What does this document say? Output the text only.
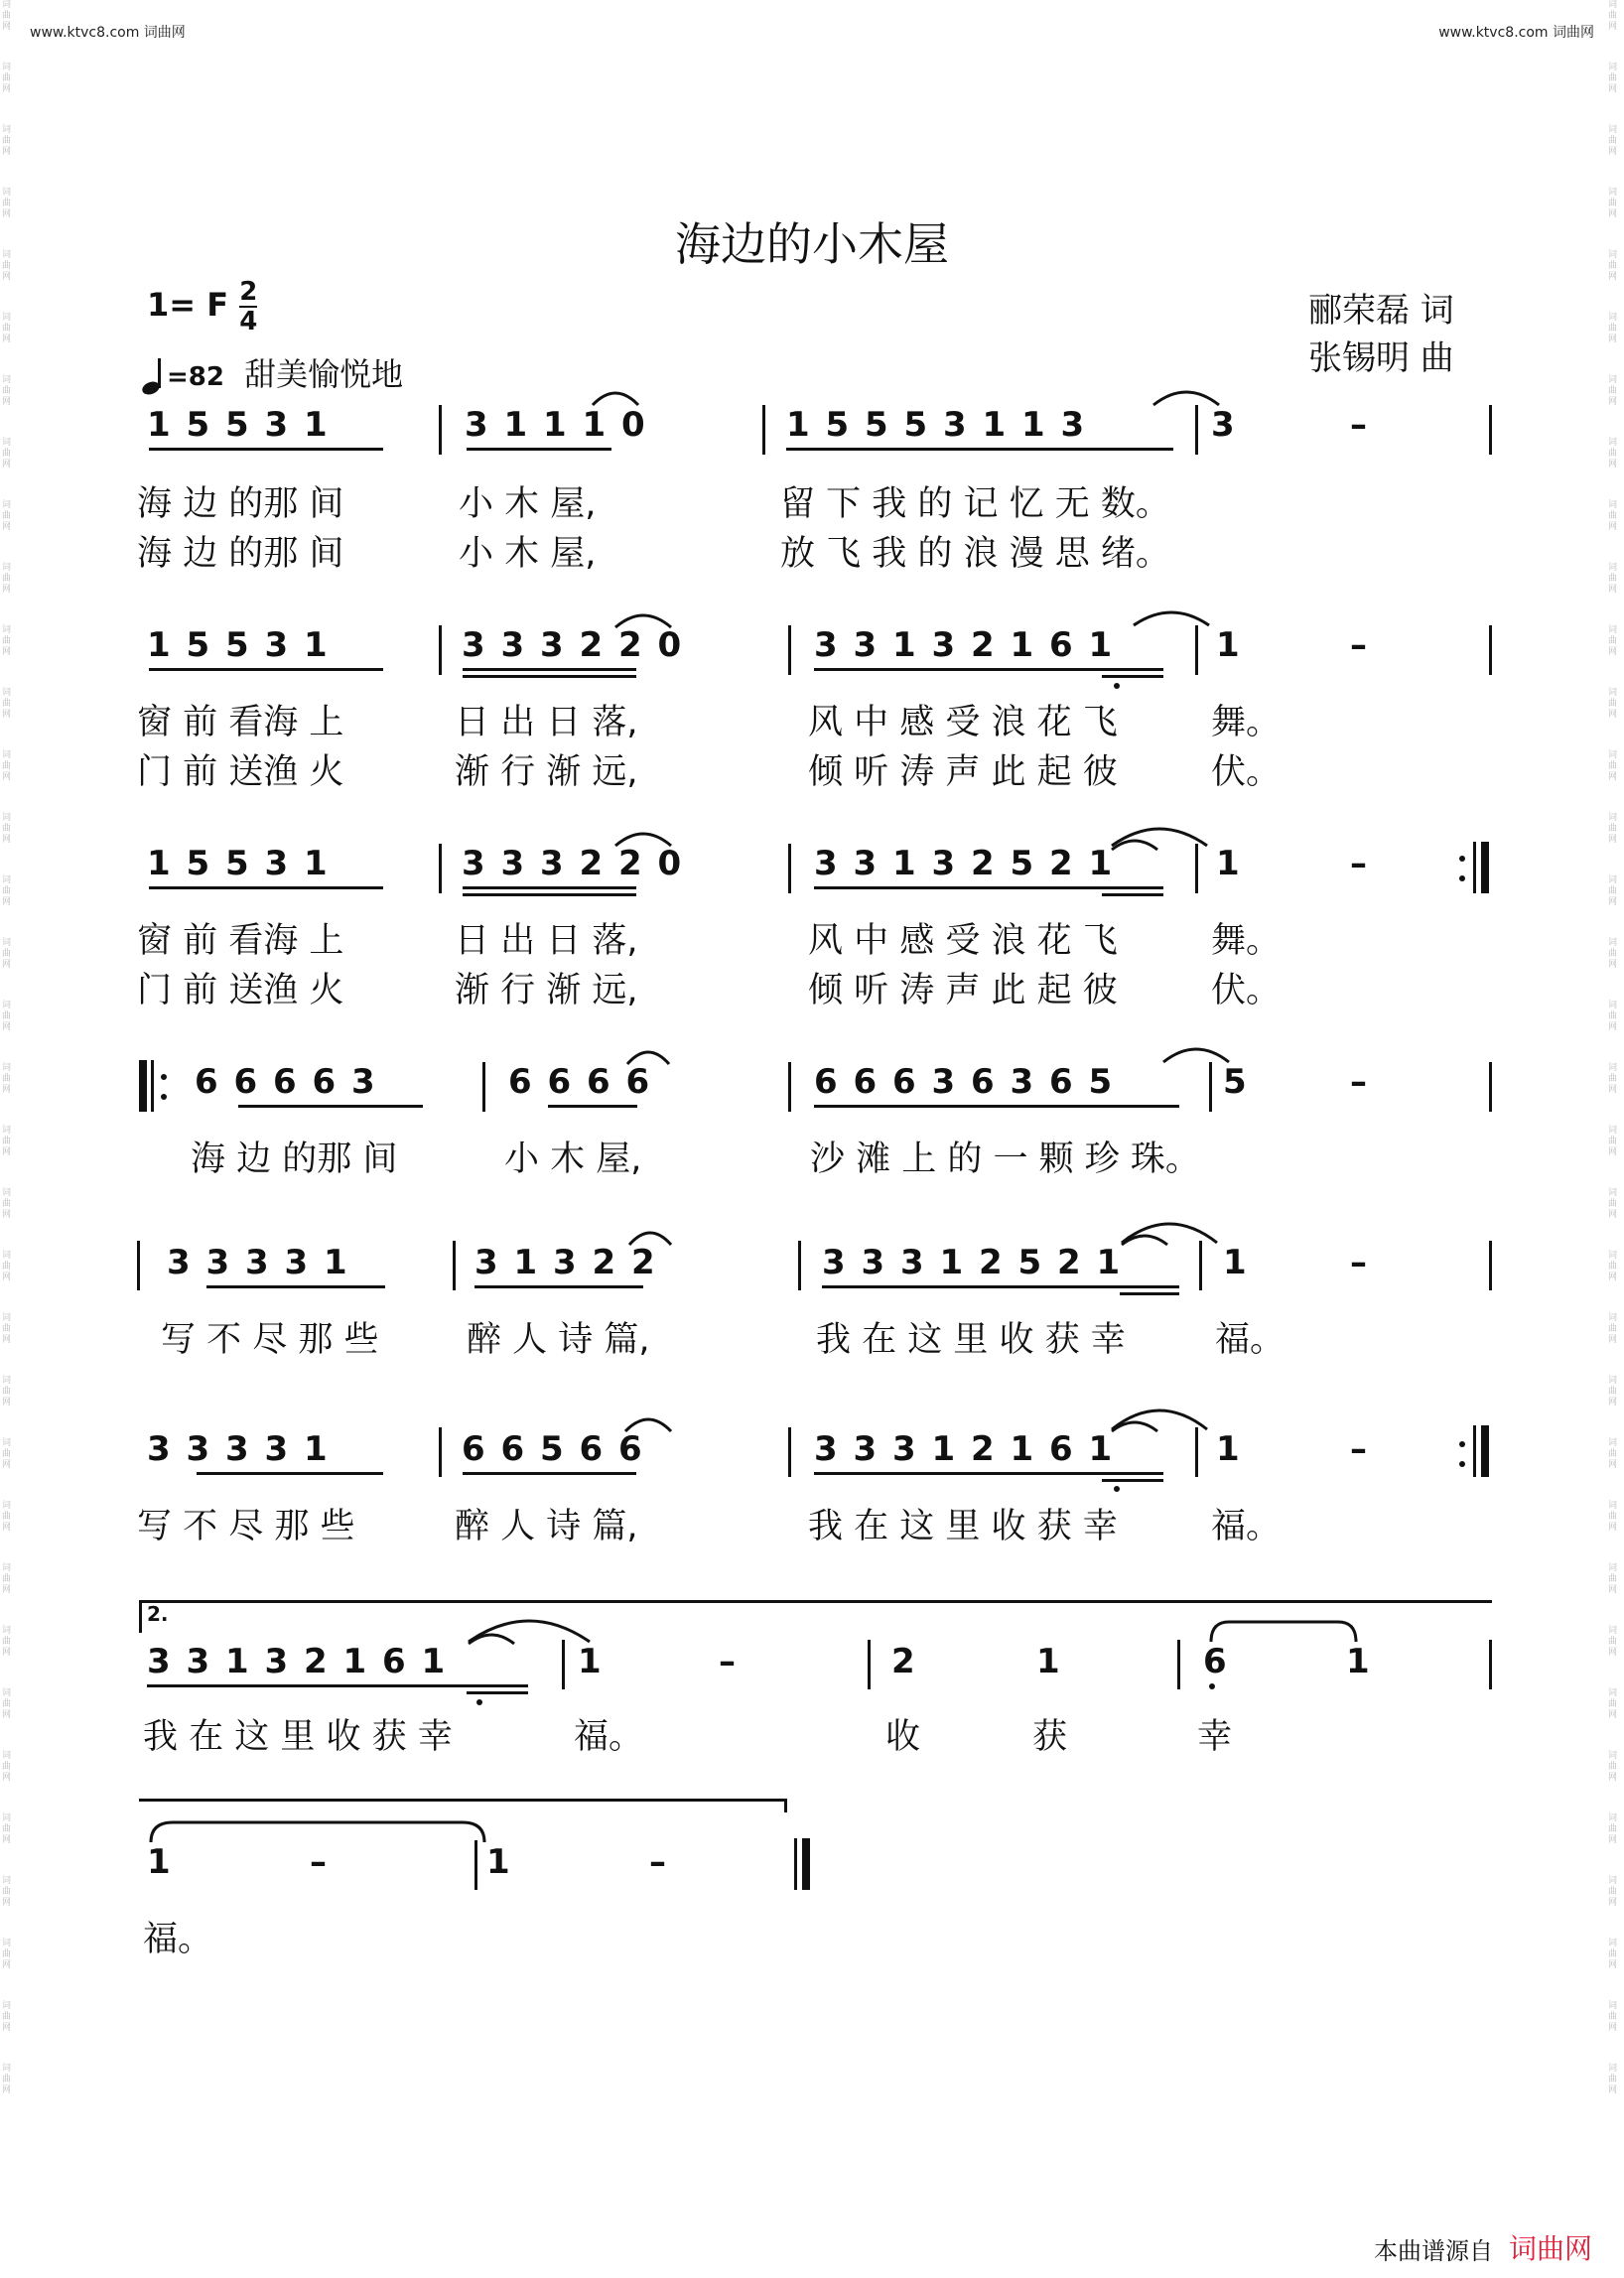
www.ktvc8.com 词曲网	www.ktvc8.com 词曲网
词曲网
词曲网
词曲网
词曲网
词曲网
词曲网
词曲网
词曲网
词曲网
词曲网
词曲网
词曲网
词曲网
词曲网
词曲网
词曲网
词曲网
词曲网
词曲网
词曲网
词曲网
词曲网
词曲网
词曲网
词曲网
词曲网
词曲网
词曲网
词曲网
词曲网
词曲网
词曲网
词曲网
词曲网
词曲网
词曲网
词曲网
词曲网
词曲网
词曲网
词曲网
词曲网
词曲网
词曲网
词曲网
词曲网
词曲网
词曲网
词曲网
词曲网
词曲网
词曲网
词曲网
词曲网
词曲网
词曲网
词曲网
词曲网
词曲网
词曲网
词曲网
词曲网
词曲网
词曲网
词曲网
词曲网
词曲网
词曲网
海边的小木屋
1= F $\frac{2}{4}$
=82 甜美愉悦地
郦荣磊 词
张锡明 曲
1 5 5 3 1	3 1 1 1 0	1 5 5 5 3 1 1 3	3	–
海 边 的那 间	小 木 屋,	留 下 我 的 记 忆 无 数。
海 边 的那 间	小 木 屋,	放 飞 我 的 浪 漫 思 绪。
1 5 5 3 1	3 3 3 2 2 0	3 3 1 3 2 1 6 1	1	–
窗 前 看海 上	日 出 日 落,	风 中 感 受 浪 花 飞	舞。
门 前 送渔 火	渐 行 渐 远,	倾 听 涛 声 此 起 彼	伏。
1 5 5 3 1	3 3 3 2 2 0	3 3 1 3 2 5 2 1	1	–
窗 前 看海 上	日 出 日 落,	风 中 感 受 浪 花 飞	舞。
门 前 送渔 火	渐 行 渐 远,	倾 听 涛 声 此 起 彼	伏。
6 6 6 6 3	6 6 6 6	6 6 6 3 6 3 6 5	5	–
海 边 的那 间	小 木 屋,	沙 滩 上 的 一 颗 珍 珠。
3 3 3 3 1	3 1 3 2 2	3 3 3 1 2 5 2 1	1	–
写 不 尽 那 些	醉 人 诗 篇,	我 在 这 里 收 获 幸	福。
3 3 3 3 1	6 6 5 6 6	3 3 3 1 2 1 6 1	1	–
写 不 尽 那 些	醉 人 诗 篇,	我 在 这 里 收 获 幸	福。
2.
3 3 1 3 2 1 6 1	1	–	2	1	6	1
我 在 这 里 收 获 幸	福。	收	获	幸
1	–	1	–
福。
本曲谱源自 词曲网
